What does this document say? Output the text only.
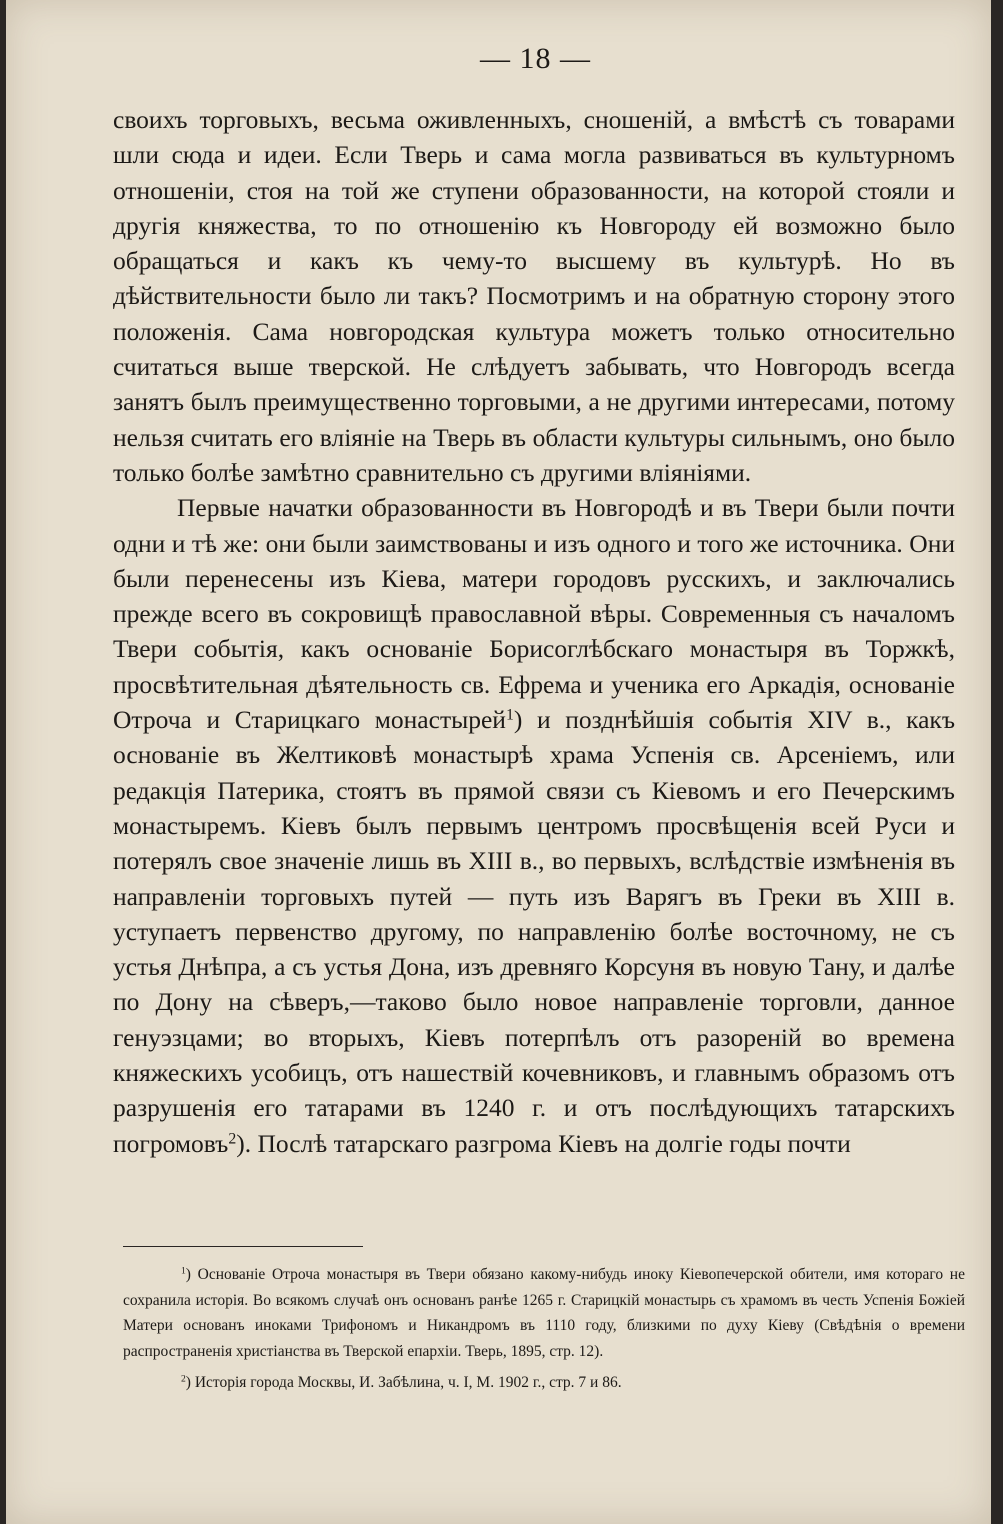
— 18 —

своихъ торговыхъ, весьма оживленныхъ, сношеній, а вмѣстѣ съ товарами шли сюда и идеи. Если Тверь и сама могла развиваться въ культурномъ отношеніи, стоя на той же ступени образованности, на которой стояли и другія княжества, то по отношенію къ Новгороду ей возможно было обращаться и какъ къ чему-то высшему въ культурѣ. Но въ дѣйствительности было ли такъ? Посмотримъ и на обратную сторону этого положенія. Сама новгородская культура можетъ только относительно считаться выше тверской. Не слѣдуетъ забывать, что Новгородъ всегда занятъ былъ преимущественно торговыми, а не другими интересами, потому нельзя считать его вліяніе на Тверь въ области культуры сильнымъ, оно было только болѣе замѣтно сравнительно съ другими вліяніями.

Первые начатки образованности въ Новгородѣ и въ Твери были почти одни и тѣ же: они были заимствованы и изъ одного и того же источника. Они были перенесены изъ Кіева, матери городовъ русскихъ, и заключались прежде всего въ сокровищѣ православной вѣры. Современныя съ началомъ Твери событія, какъ основаніе Борисоглѣбскаго монастыря въ Торжкѣ, просвѣтительная дѣятельность св. Ефрема и ученика его Аркадія, основаніе Отроча и Старицкаго монастырей$^1$) и позднѣйшія событія XIV в., какъ основаніе въ Желтиковѣ монастырѣ храма Успенія св. Арсеніемъ, или редакція Патерика, стоятъ въ прямой связи съ Кіевомъ и его Печерскимъ монастыремъ. Кіевъ былъ первымъ центромъ просвѣщенія всей Руси и потерялъ свое значеніе лишь въ XIII в., во первыхъ, вслѣдствіе измѣненія въ направленіи торговыхъ путей — путь изъ Варягъ въ Греки въ XIII в. уступаетъ первенство другому, по направленію болѣе восточному, не съ устья Днѣпра, а съ устья Дона, изъ древняго Корсуня въ новую Тану, и далѣе по Дону на сѣверъ,—таково было новое направленіе торговли, данное генуэзцами; во вторыхъ, Кіевъ потерпѣлъ отъ разореній во времена княжескихъ усобицъ, отъ нашествій кочевниковъ, и главнымъ образомъ отъ разрушенія его татарами въ 1240 г. и отъ послѣдующихъ татарскихъ погромовъ$^2$). Послѣ татарскаго разгрома Кіевъ на долгіе годы почти

$^1$) Основаніе Отроча монастыря въ Твери обязано какому-нибудь иноку Кіевопечерской обители, имя котораго не сохранила исторія. Во всякомъ случаѣ онъ основанъ ранѣе 1265 г. Старицкій монастырь съ храмомъ въ честь Успенія Божіей Матери основанъ иноками Трифономъ и Никандромъ въ 1110 году, близкими по духу Кіеву (Свѣдѣнія о времени распространенія христіанства въ Тверской епархіи. Тверь, 1895, стр. 12).

$^2$) Исторія города Москвы, И. Забѣлина, ч. I, М. 1902 г., стр. 7 и 86.
